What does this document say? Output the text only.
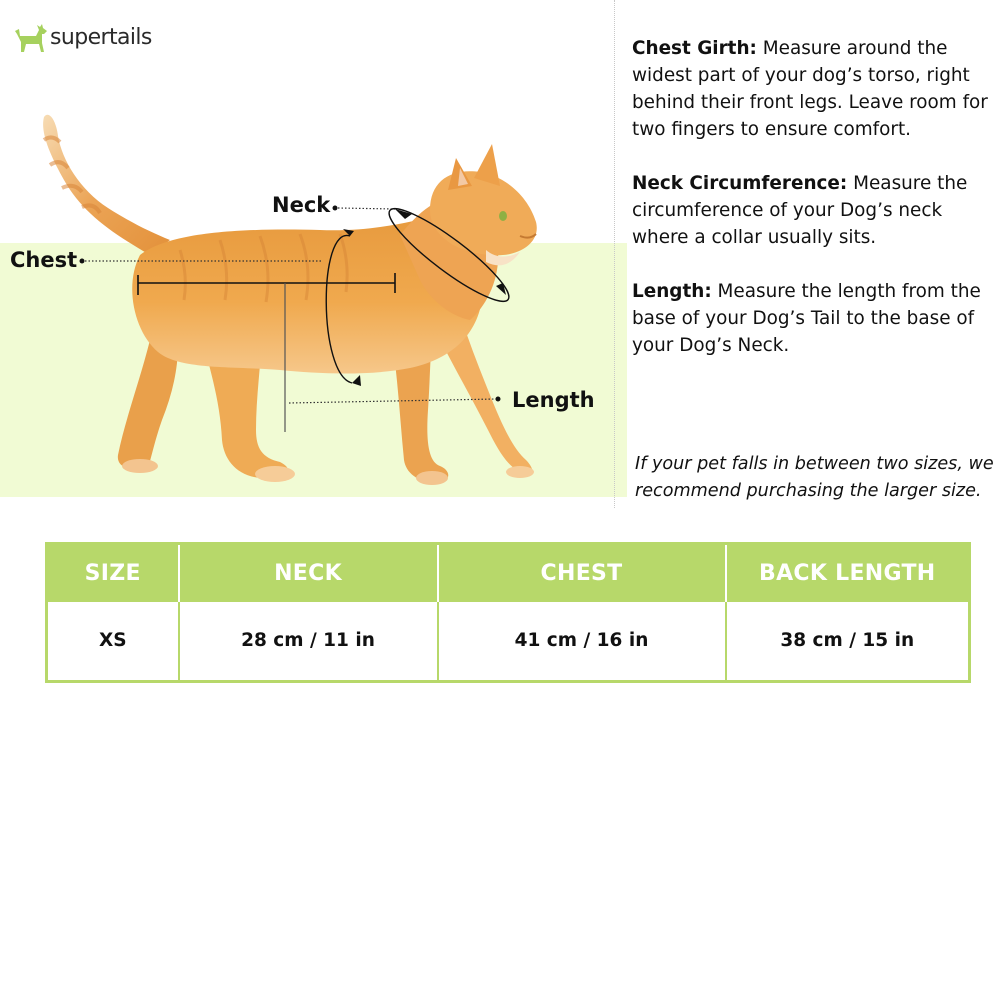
supertails
Neck
Chest
Length

Chest Girth: Measure around the widest part of your dog’s torso, right behind their front legs. Leave room for two fingers to ensure comfort.

Neck Circumference: Measure the circumference of your Dog’s neck where a collar usually sits.

Length: Measure the length from the base of your Dog’s Tail to the base of your Dog’s Neck.

If your pet falls in between two sizes, we recommend purchasing the larger size.
SIZE	NECK	CHEST	BACK LENGTH
XS	28 cm / 11 in	41 cm / 16 in	38 cm / 15 in
